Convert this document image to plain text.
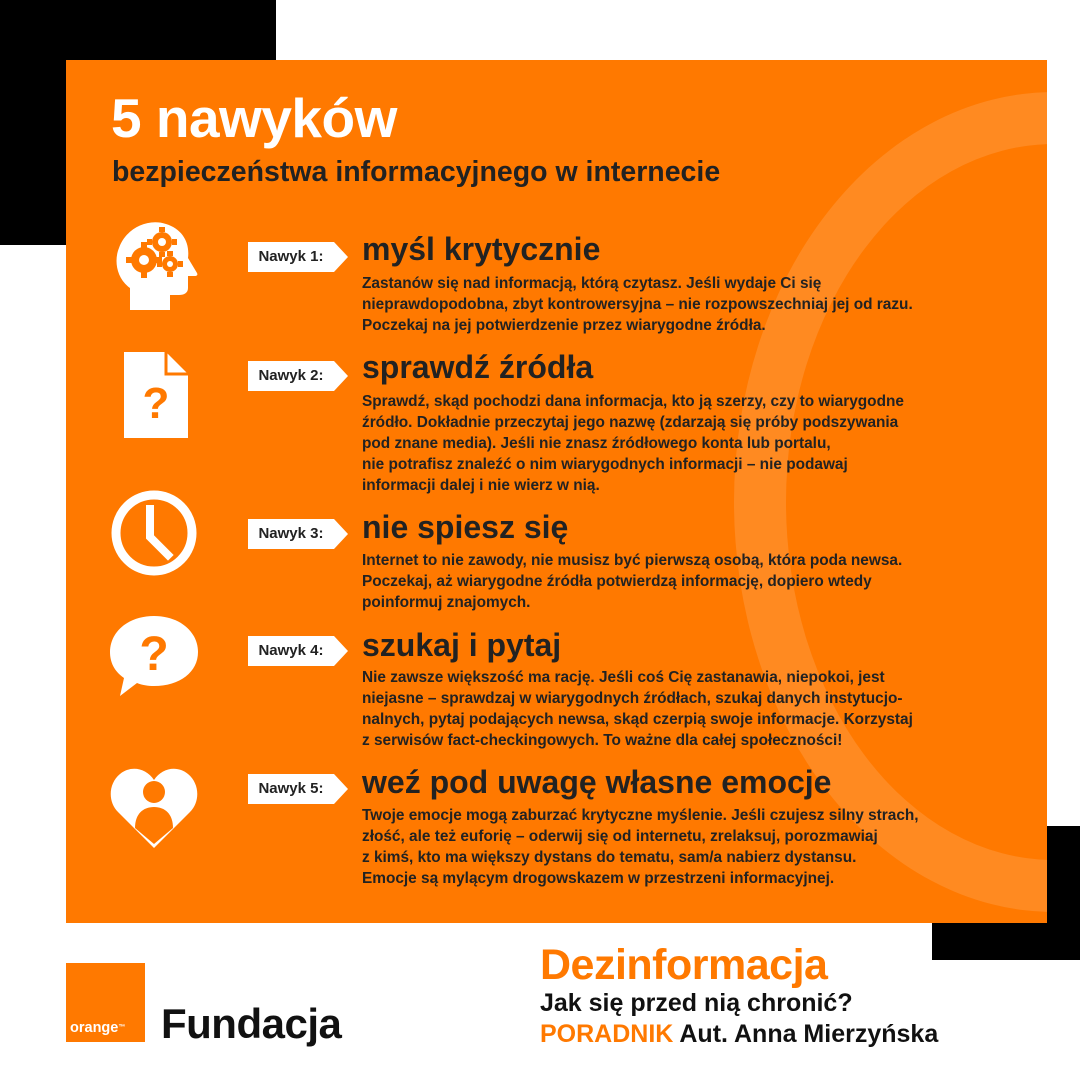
5 nawyków
bezpieczeństwa informacyjnego w internecie
Nawyk 1:	myśl krytycznie

Zastanów się nad informacją, którą czytasz. Jeśli wydaje Ci się
nieprawdopodobna, zbyt kontrowersyjna – nie rozpowszechniaj jej od razu.
Poczekaj na jej potwierdzenie przez wiarygodne źródła.

?
Nawyk 2:	sprawdź źródła

Sprawdź, skąd pochodzi dana informacja, kto ją szerzy, czy to wiarygodne
źródło. Dokładnie przeczytaj jego nazwę (zdarzają się próby podszywania
pod znane media). Jeśli nie znasz źródłowego konta lub portalu,
nie potrafisz znaleźć o nim wiarygodnych informacji – nie podawaj
informacji dalej i nie wierz w nią.

Nawyk 3:	nie spiesz się

Internet to nie zawody, nie musisz być pierwszą osobą, która poda newsa.
Poczekaj, aż wiarygodne źródła potwierdzą informację, dopiero wtedy
poinformuj znajomych.

?	Nawyk 4:	szukaj i pytaj

Nie zawsze większość ma rację. Jeśli coś Cię zastanawia, niepokoi, jest
niejasne – sprawdzaj w wiarygodnych źródłach, szukaj danych instytucjo-
nalnych, pytaj podających newsa, skąd czerpią swoje informacje. Korzystaj
z serwisów fact-checkingowych. To ważne dla całej społeczności!

Nawyk 5:	weź pod uwagę własne emocje

Twoje emocje mogą zaburzać krytyczne myślenie. Jeśli czujesz silny strach,
złość, ale też euforię – oderwij się od internetu, zrelaksuj, porozmawiaj
z kimś, kto ma większy dystans do tematu, sam/a nabierz dystansu.
Emocje są mylącym drogowskazem w przestrzeni informacyjnej.

orange™ Fundacja
Dezinformacja
Jak się przed nią chronić?
PORADNIK Aut. Anna Mierzyńska
